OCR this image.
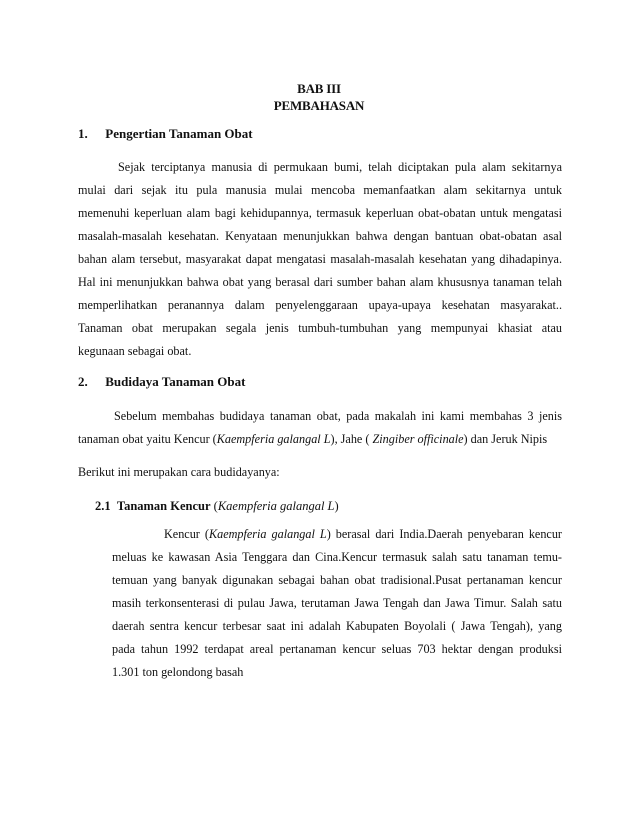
BAB III

PEMBAHASAN

1. Pengertian Tanaman Obat

Sejak terciptanya manusia di permukaan bumi, telah diciptakan pula alam sekitarnya
mulai dari sejak itu pula manusia mulai mencoba memanfaatkan alam sekitarnya untuk
memenuhi keperluan alam bagi kehidupannya, termasuk keperluan obat-obatan untuk mengatasi
masalah-masalah kesehatan. Kenyataan menunjukkan bahwa dengan bantuan obat-obatan asal
bahan alam tersebut, masyarakat dapat mengatasi masalah-masalah kesehatan yang dihadapinya.
Hal ini menunjukkan bahwa obat yang berasal dari sumber bahan alam khususnya tanaman telah
memperlihatkan peranannya dalam penyelenggaraan upaya-upaya kesehatan masyarakat..
Tanaman obat merupakan segala jenis tumbuh-tumbuhan yang mempunyai khasiat atau
kegunaan sebagai obat.

2. Budidaya Tanaman Obat

Sebelum membahas budidaya tanaman obat, pada makalah ini kami membahas 3 jenis
tanaman obat yaitu Kencur (Kaempferia galangal L), Jahe ( Zingiber officinale) dan Jeruk Nipis

Berikut ini merupakan cara budidayanya:

2.1 Tanaman Kencur (Kaempferia galangal L)

Kencur (Kaempferia galangal L) berasal dari India.Daerah penyebaran kencur
meluas ke kawasan Asia Tenggara dan Cina.Kencur termasuk salah satu tanaman temu-
temuan yang banyak digunakan sebagai bahan obat tradisional.Pusat pertanaman kencur
masih terkonsenterasi di pulau Jawa, terutaman Jawa Tengah dan Jawa Timur. Salah satu
daerah sentra kencur terbesar saat ini adalah Kabupaten Boyolali ( Jawa Tengah), yang
pada tahun 1992 terdapat areal pertanaman kencur seluas 703 hektar dengan produksi
1.301 ton gelondong basah
